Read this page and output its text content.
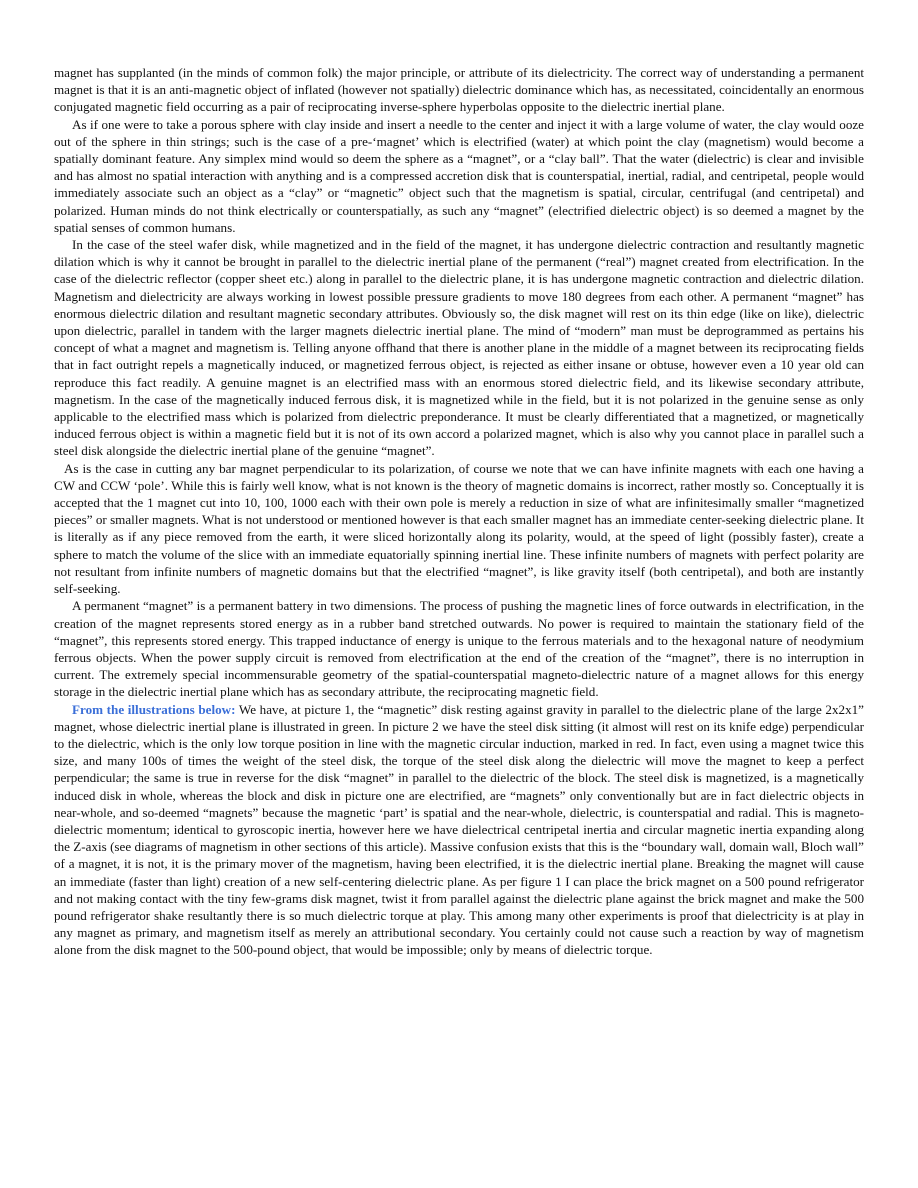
magnet has supplanted (in the minds of common folk) the major principle, or attribute of its dielectricity. The correct way of understanding a permanent magnet is that it is an anti-magnetic object of inflated (however not spatially) dielectric dominance which has, as necessitated, coincidentally an enormous conjugated magnetic field occurring as a pair of reciprocating inverse-sphere hyperbolas opposite to the dielectric inertial plane.

As if one were to take a porous sphere with clay inside and insert a needle to the center and inject it with a large volume of water, the clay would ooze out of the sphere in thin strings; such is the case of a pre-‘magnet’ which is electrified (water) at which point the clay (magnetism) would become a spatially dominant feature. Any simplex mind would so deem the sphere as a “magnet”, or a “clay ball”. That the water (dielectric) is clear and invisible and has almost no spatial interaction with anything and is a compressed accretion disk that is counterspatial, inertial, radial, and centripetal, people would immediately associate such an object as a “clay” or “magnetic” object such that the magnetism is spatial, circular, centrifugal (and centripetal) and polarized. Human minds do not think electrically or counterspatially, as such any “magnet” (electrified dielectric object) is so deemed a magnet by the spatial senses of common humans.

In the case of the steel wafer disk, while magnetized and in the field of the magnet, it has undergone dielectric contraction and resultantly magnetic dilation which is why it cannot be brought in parallel to the dielectric inertial plane of the permanent (“real”) magnet created from electrification. In the case of the dielectric reflector (copper sheet etc.) along in parallel to the dielectric plane, it is has undergone magnetic contraction and dielectric dilation. Magnetism and dielectricity are always working in lowest possible pressure gradients to move 180 degrees from each other. A permanent “magnet” has enormous dielectric dilation and resultant magnetic secondary attributes. Obviously so, the disk magnet will rest on its thin edge (like on like), dielectric upon dielectric, parallel in tandem with the larger magnets dielectric inertial plane. The mind of “modern” man must be deprogrammed as pertains his concept of what a magnet and magnetism is. Telling anyone offhand that there is another plane in the middle of a magnet between its reciprocating fields that in fact outright repels a magnetically induced, or magnetized ferrous object, is rejected as either insane or obtuse, however even a 10 year old can reproduce this fact readily. A genuine magnet is an electrified mass with an enormous stored dielectric field, and its likewise secondary attribute, magnetism. In the case of the magnetically induced ferrous disk, it is magnetized while in the field, but it is not polarized in the genuine sense as only applicable to the electrified mass which is polarized from dielectric preponderance. It must be clearly differentiated that a magnetized, or magnetically induced ferrous object is within a magnetic field but it is not of its own accord a polarized magnet, which is also why you cannot place in parallel such a steel disk alongside the dielectric inertial plane of the genuine “magnet”.

As is the case in cutting any bar magnet perpendicular to its polarization, of course we note that we can have infinite magnets with each one having a CW and CCW ‘pole’. While this is fairly well know, what is not known is the theory of magnetic domains is incorrect, rather mostly so. Conceptually it is accepted that the 1 magnet cut into 10, 100, 1000 each with their own pole is merely a reduction in size of what are infinitesimally smaller “magnetized pieces” or smaller magnets. What is not understood or mentioned however is that each smaller magnet has an immediate center-seeking dielectric plane. It is literally as if any piece removed from the earth, it were sliced horizontally along its polarity, would, at the speed of light (possibly faster), create a sphere to match the volume of the slice with an immediate equatorially spinning inertial line. These infinite numbers of magnets with perfect polarity are not resultant from infinite numbers of magnetic domains but that the electrified “magnet”, is like gravity itself (both centripetal), and both are instantly self-seeking.

A permanent “magnet” is a permanent battery in two dimensions. The process of pushing the magnetic lines of force outwards in electrification, in the creation of the magnet represents stored energy as in a rubber band stretched outwards. No power is required to maintain the stationary field of the “magnet”, this represents stored energy. This trapped inductance of energy is unique to the ferrous materials and to the hexagonal nature of neodymium ferrous objects. When the power supply circuit is removed from electrification at the end of the creation of the “magnet”, there is no interruption in current. The extremely special incommensurable geometry of the spatial-counterspatial magneto-dielectric nature of a magnet allows for this energy storage in the dielectric inertial plane which has as secondary attribute, the reciprocating magnetic field.

From the illustrations below: We have, at picture 1, the “magnetic” disk resting against gravity in parallel to the dielectric plane of the large 2x2x1” magnet, whose dielectric inertial plane is illustrated in green. In picture 2 we have the steel disk sitting (it almost will rest on its knife edge) perpendicular to the dielectric, which is the only low torque position in line with the magnetic circular induction, marked in red. In fact, even using a magnet twice this size, and many 100s of times the weight of the steel disk, the torque of the steel disk along the dielectric will move the magnet to keep a perfect perpendicular; the same is true in reverse for the disk “magnet” in parallel to the dielectric of the block. The steel disk is magnetized, is a magnetically induced disk in whole, whereas the block and disk in picture one are electrified, are “magnets” only conventionally but are in fact dielectric objects in near-whole, and so-deemed “magnets” because the magnetic ‘part’ is spatial and the near-whole, dielectric, is counterspatial and radial. This is magneto-dielectric momentum; identical to gyroscopic inertia, however here we have dielectrical centripetal inertia and circular magnetic inertia expanding along the Z-axis (see diagrams of magnetism in other sections of this article). Massive confusion exists that this is the “boundary wall, domain wall, Bloch wall” of a magnet, it is not, it is the primary mover of the magnetism, having been electrified, it is the dielectric inertial plane. Breaking the magnet will cause an immediate (faster than light) creation of a new self-centering dielectric plane. As per figure 1 I can place the brick magnet on a 500 pound refrigerator and not making contact with the tiny few-grams disk magnet, twist it from parallel against the dielectric plane against the brick magnet and make the 500 pound refrigerator shake resultantly there is so much dielectric torque at play. This among many other experiments is proof that dielectricity is at play in any magnet as primary, and magnetism itself as merely an attributional secondary. You certainly could not cause such a reaction by way of magnetism alone from the disk magnet to the 500-pound object, that would be impossible; only by means of dielectric torque.
